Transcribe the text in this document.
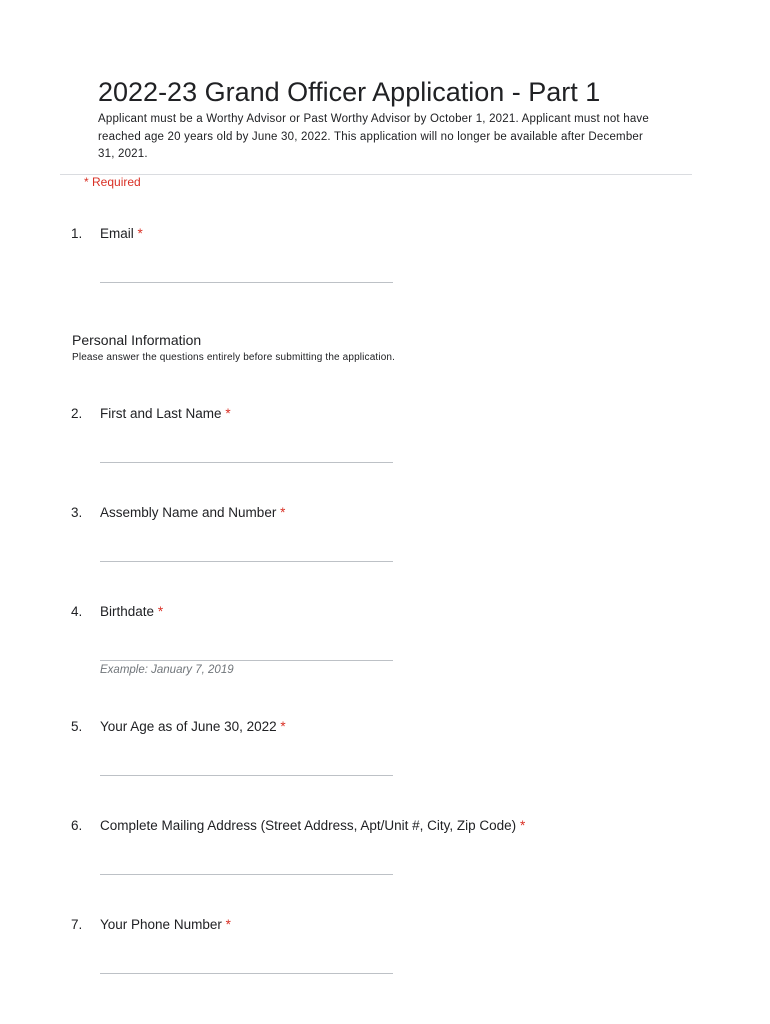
2022-23 Grand Officer Application - Part 1
Applicant must be a Worthy Advisor or Past Worthy Advisor by October 1, 2021. Applicant must not have
reached age 20 years old by June 30, 2022. This application will no longer be available after December
31, 2021.
* Required
1. Email *
Personal Information
Please answer the questions entirely before submitting the application.
2. First and Last Name *
3. Assembly Name and Number *
4. Birthdate *
Example: January 7, 2019
5. Your Age as of June 30, 2022 *
6. Complete Mailing Address (Street Address, Apt/Unit #, City, Zip Code) *
7. Your Phone Number *
